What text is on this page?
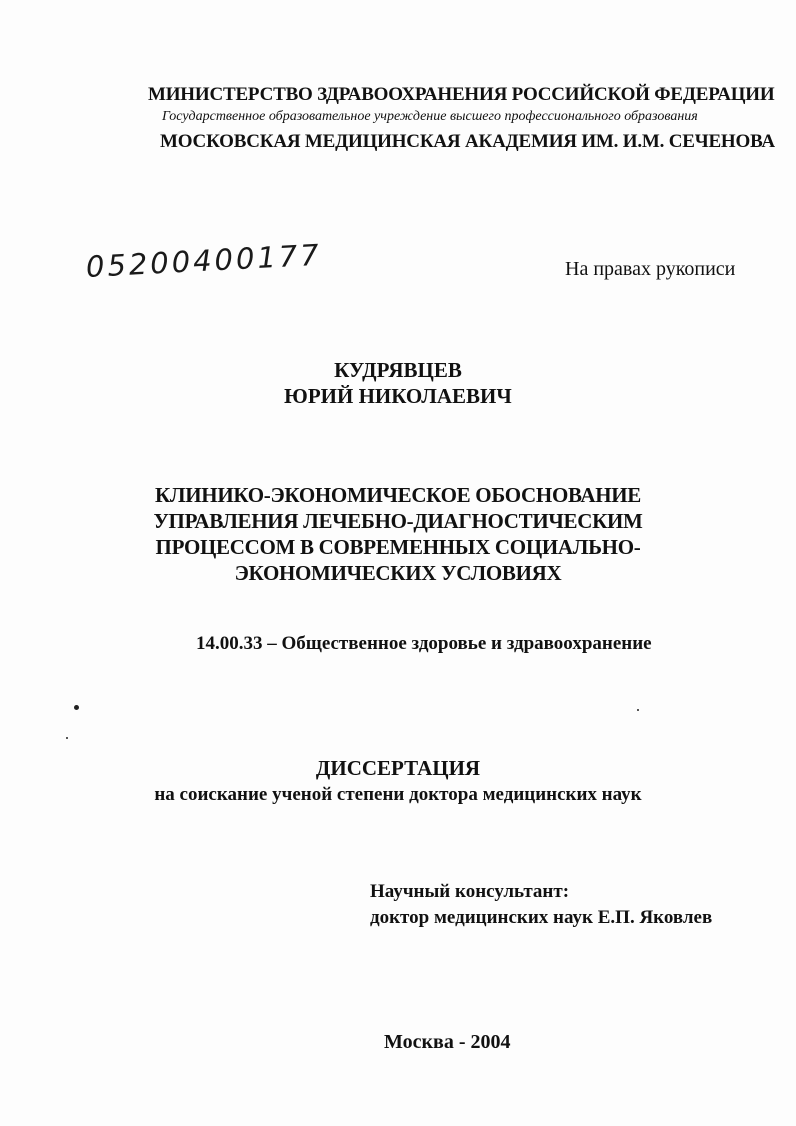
МИНИСТЕРСТВО ЗДРАВООХРАНЕНИЯ РОССИЙСКОЙ ФЕДЕРАЦИИ
Государственное образовательное учреждение высшего профессионального образования
МОСКОВСКАЯ МЕДИЦИНСКАЯ АКАДЕМИЯ ИМ. И.М. СЕЧЕНОВА
05200400177	На правах рукописи
КУДРЯВЦЕВ
ЮРИЙ НИКОЛАЕВИЧ
КЛИНИКО-ЭКОНОМИЧЕСКОЕ ОБОСНОВАНИЕ
УПРАВЛЕНИЯ ЛЕЧЕБНО-ДИАГНОСТИЧЕСКИМ
ПРОЦЕССОМ В СОВРЕМЕННЫХ СОЦИАЛЬНО-
ЭКОНОМИЧЕСКИХ УСЛОВИЯХ
14.00.33 – Общественное здоровье и здравоохранение
ДИССЕРТАЦИЯ
на соискание ученой степени доктора медицинских наук
Научный консультант:
доктор медицинских наук Е.П. Яковлев
Москва - 2004
